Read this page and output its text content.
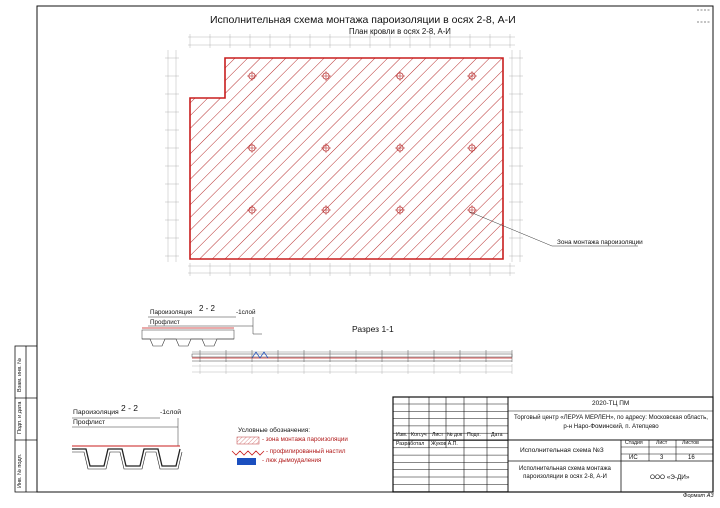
Исполнительная схема монтажа пароизоляции в осях 2-8, А-И
План кровли в осях 2-8, А-И
Зона монтажа пароизоляции
Разрез 1-1
2 - 2
Пароизоляция	-1слой
Профлист
2 - 2
Пароизоляция	-1слой
Профлист
Условные обозначения:
- зона монтажа пароизоляции
- профилированный настил
- люк дымоудаления
Взам. инв. №
Подп. и дата
Инв. № подл.
2020-ТЦ ПМ
Торговый центр «ЛЕРУА МЕРЛЕН», по адресу: Московская область, р-н Наро-Фоминский, п. Атепцево
Изм. Кол.уч Лист № док Подп. Дата
Разработал Жуков А.П.
Исполнительная схема №3
Исполнительная схема монтажа пароизоляции в осях 2-8, А-И
Стадия	Лист	Листов
ИС	3	16
ООО «Э-ДИ»
Формат А3
